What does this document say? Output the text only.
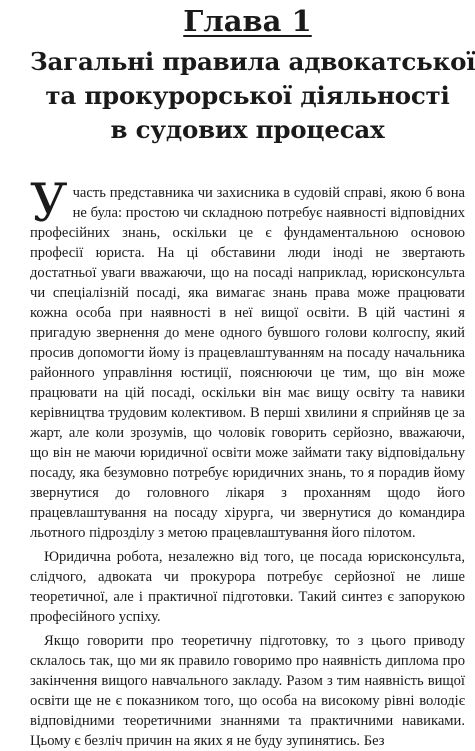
Глава 1
Загальні правила адвокатської
та прокурорської діяльності
в судових процесах

Участь представника чи захисника в судовій справі, якою б вона не була: простою чи складною потребує наявності відповідних професійних знань, оскільки це є фундаментальною основою професії юриста. На ці обставини люди іноді не звертають достатньої уваги вважаючи, що на посаді наприклад, юрисконсульта чи спеціалізній посаді, яка вимагає знань права може працювати кожна особа при наявності в неї вищої освіти. В цій частині я пригадую звернення до мене одного бувшого голови колгоспу, який просив допомогти йому із працевлаштуванням на посаду начальника районного управління юстиції, пояснюючи це тим, що він може працювати на цій посаді, оскільки він має вищу освіту та навики керівництва трудовим колективом. В перші хвилини я сприйняв це за жарт, але коли зрозумів, що чоловік говорить серйозно, вважаючи, що він не маючи юридичної освіти може займати таку відповідальну посаду, яка безумовно потребує юридичних знань, то я порадив йому звернутися до головного лікаря з проханням щодо його працевлаштування на посаду хірурга, чи звернутися до командира льотного підрозділу з метою працевлаштування його пілотом.

Юридична робота, незалежно від того, це посада юрисконсульта, слідчого, адвоката чи прокурора потребує серйозної не лише теоретичної, але і практичної підготовки. Такий синтез є запорукою професійного успіху.

Якщо говорити про теоретичну підготовку, то з цього приводу склалось так, що ми як правило говоримо про наявність диплома про закінчення вищого навчального закладу. Разом з тим наявність вищої освіти ще не є показником того, що особа на високому рівні володіє відповідними теоретичними знаннями та практичними навиками. Цьому є безліч причин на яких я не буду зупинятись. Без
